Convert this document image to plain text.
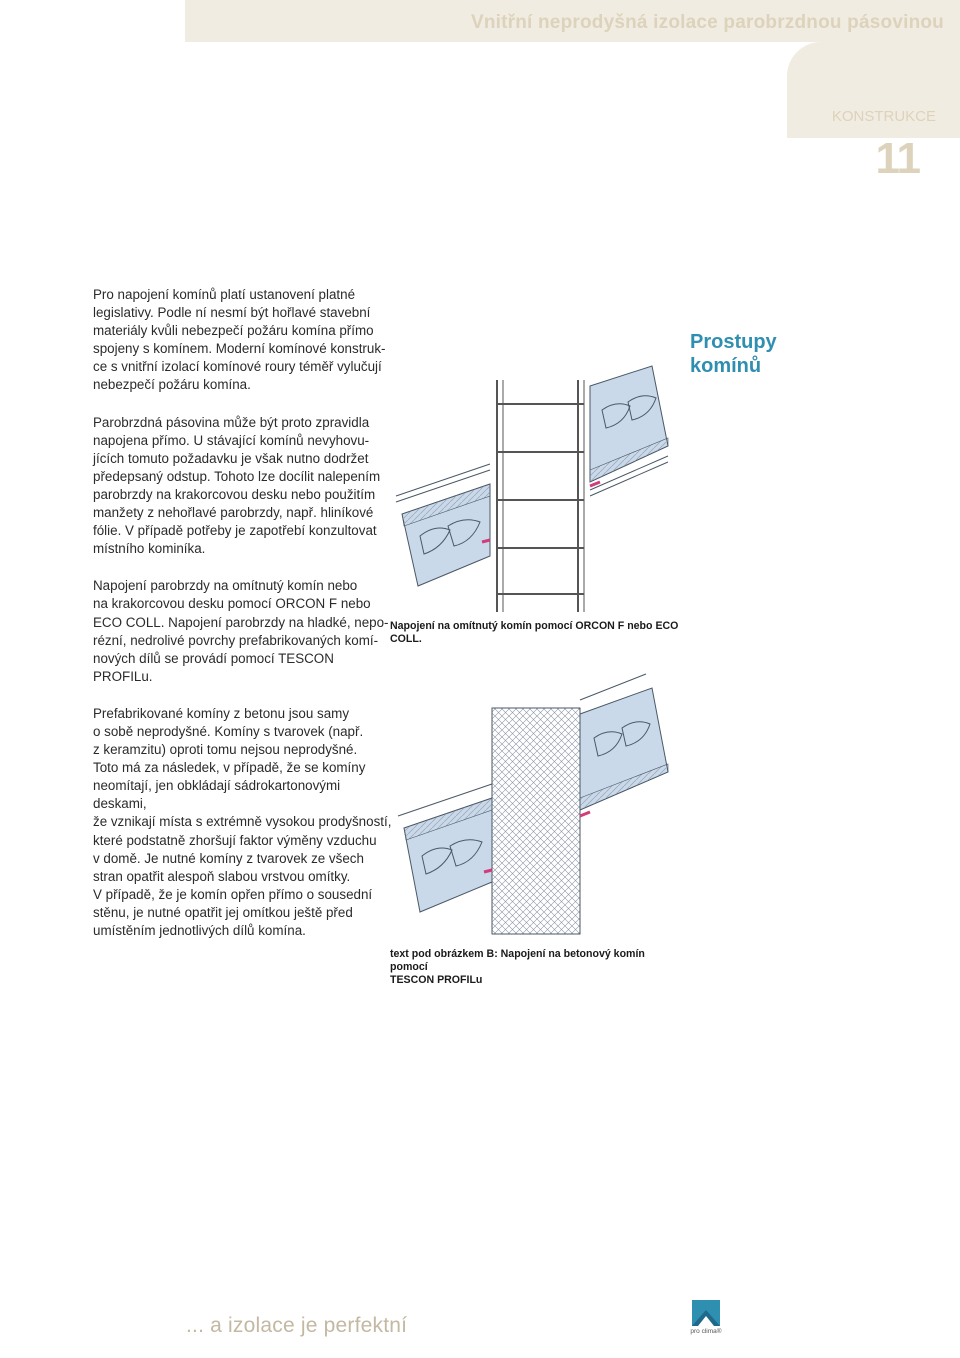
Vnitřní neprodyšná izolace parobrzdnou pásovinou
KONSTRUKCE
11
Prostupy
komínů

Pro napojení komínů platí ustanovení platné
legislativy. Podle ní nesmí být hořlavé stavební
materiály kvůli nebezpečí požáru komína přímo
spojeny s komínem. Moderní komínové konstruk-
ce s vnitřní izolací komínové roury téměř vylučují
nebezpečí požáru komína.

Parobrzdná pásovina může být proto zpravidla
napojena přímo. U stávající komínů nevyhovu-
jících tomuto požadavku je však nutno dodržet
předepsaný odstup. Tohoto lze docílit nalepením
parobrzdy na krakorcovou desku nebo použitím
manžety z nehořlavé parobrzdy, např. hliníkové
fólie. V případě potřeby je zapotřebí konzultovat
místního kominíka.

Napojení parobrzdy na omítnutý komín nebo
na krakorcovou desku pomocí ORCON F nebo
ECO COLL. Napojení parobrzdy na hladké, nepo-
rézní, nedrolivé povrchy prefabrikovaných komí-
nových dílů se provádí pomocí TESCON PROFILu.

Prefabrikované komíny z betonu jsou samy
o sobě neprodyšné. Komíny s tvarovek (např.
z keramzitu) oproti tomu nejsou neprodyšné.
Toto má za následek, v případě, že se komíny
neomítají, jen obkládají sádrokartonovými deskami,
že vznikají místa s extrémně vysokou prodyšností,
které podstatně zhoršují faktor výměny vzduchu
v domě. Je nutné komíny z tvarovek ze všech
stran opatřit alespoň slabou vrstvou omítky.
V případě, že je komín opřen přímo o sousední
stěnu, je nutné opatřit jej omítkou ještě před
umístěním jednotlivých dílů komína.

Napojení na omítnutý komín pomocí ORCON F nebo ECO COLL.
text pod obrázkem B: Napojení na betonový komín pomocí
TESCON PROFILu
... a izolace je perfektní	pro clima®
